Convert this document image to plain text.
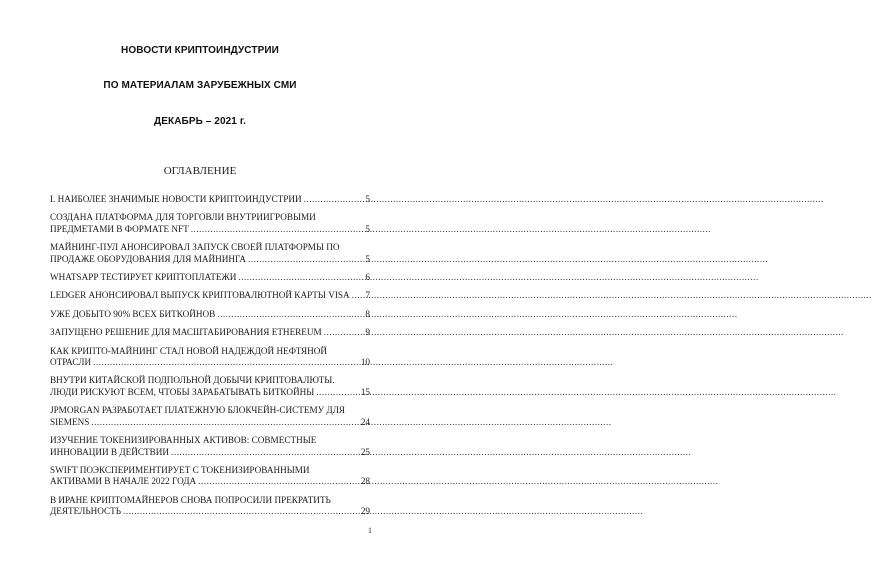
НОВОСТИ КРИПТОИНДУСТРИИ
ПО МАТЕРИАЛАМ ЗАРУБЕЖНЫХ СМИ
ДЕКАБРЬ – 2021 г.
ОГЛАВЛЕНИЕ
I. НАИБОЛЕЕ ЗНАЧИМЫЕ НОВОСТИ КРИПТОИНДУСТРИИ .....	5
СОЗДАНА ПЛАТФОРМА ДЛЯ ТОРГОВЛИ ВНУТРИИГРОВЫМИ
ПРЕДМЕТАМИ В ФОРМАТЕ NFT .....	5
МАЙНИНГ-ПУЛ АНОНСИРОВАЛ ЗАПУСК СВОЕЙ ПЛАТФОРМЫ ПО
ПРОДАЖЕ ОБОРУДОВАНИЯ ДЛЯ МАЙНИНГА .....	5
WHATSAPP ТЕСТИРУЕТ КРИПТОПЛАТЕЖИ .....	6
LEDGER АНОНСИРОВАЛ ВЫПУСК КРИПТОВАЛЮТНОЙ КАРТЫ VISA ..... 7
УЖЕ ДОБЫТО 90% ВСЕХ БИТКОЙНОВ .....	8
ЗАПУЩЕНО РЕШЕНИЕ ДЛЯ МАСШТАБИРОВАНИЯ ETHEREUM .....	9
КАК КРИПТО-МАЙНИНГ СТАЛ НОВОЙ НАДЕЖДОЙ НЕФТЯНОЙ
ОТРАСЛИ .....	10
ВНУТРИ КИТАЙСКОЙ ПОДПОЛЬНОЙ ДОБЫЧИ КРИПТОВАЛЮТЫ.
ЛЮДИ РИСКУЮТ ВСЕМ, ЧТОБЫ ЗАРАБАТЫВАТЬ БИТКОЙНЫ .....	15
JPMORGAN РАЗРАБОТАЕТ ПЛАТЕЖНУЮ БЛОКЧЕЙН-СИСТЕМУ ДЛЯ
SIEMENS .....	24
ИЗУЧЕНИЕ ТОКЕНИЗИРОВАННЫХ АКТИВОВ: СОВМЕСТНЫЕ
ИННОВАЦИИ В ДЕЙСТВИИ .....	25
SWIFT ПОЭКСПЕРИМЕНТИРУЕТ С ТОКЕНИЗИРОВАННЫМИ
АКТИВАМИ В НАЧАЛЕ 2022 ГОДА .....	28
В ИРАНЕ КРИПТОМАЙНЕРОВ СНОВА ПОПРОСИЛИ ПРЕКРАТИТЬ
ДЕЯТЕЛЬНОСТЬ .....	29
1
